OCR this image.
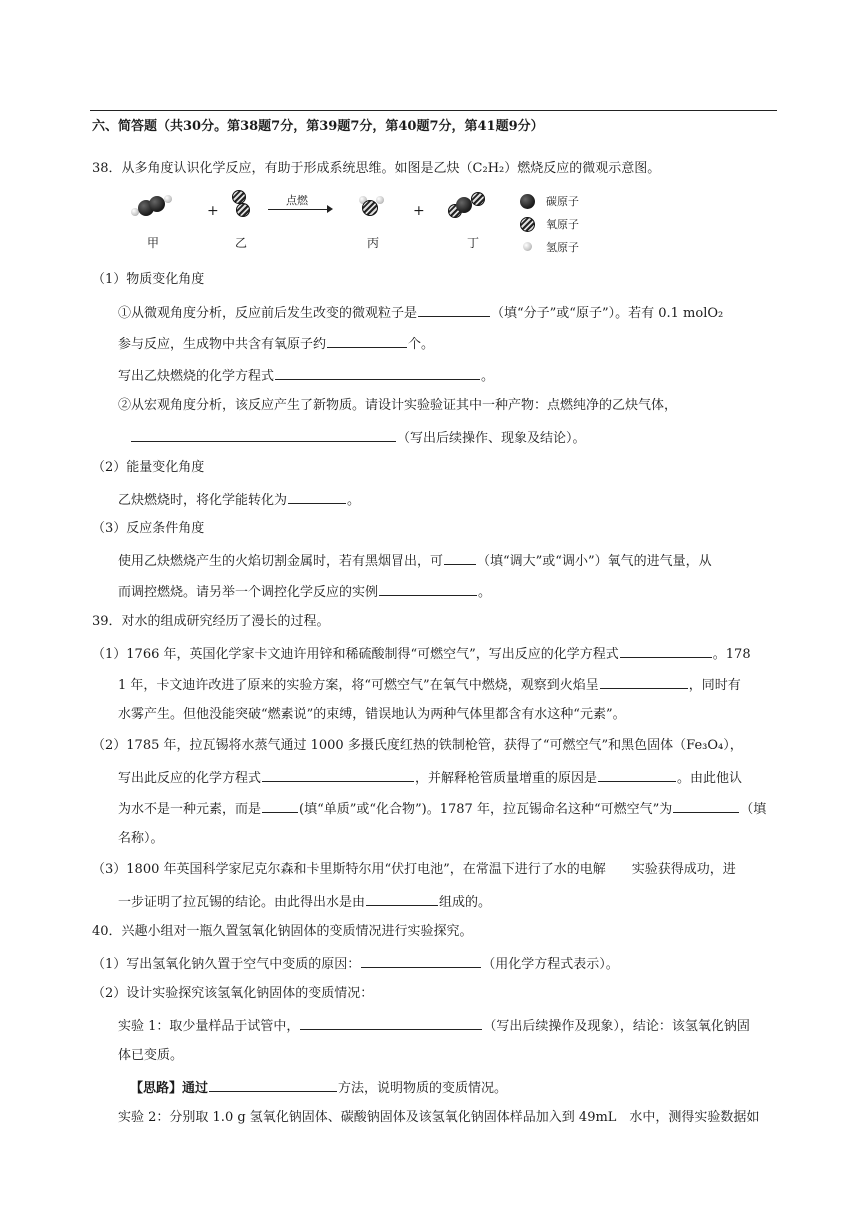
六、简答题（共30分。第38题7分，第39题7分，第40题7分，第41题9分）
38．从多角度认识化学反应，有助于形成系统思维。如图是乙炔（C₂H₂）燃烧反应的微观示意图。
甲
+
乙
点燃
丙
+
丁
碳原子
氧原子
氢原子
（1）物质变化角度
①从微观角度分析，反应前后发生改变的微观粒子是	（填“分子”或“原子”）。若有 0.1 molO₂
参与反应，生成物中共含有氧原子约	个。
写出乙炔燃烧的化学方程式	。
②从宏观角度分析，该反应产生了新物质。请设计实验验证其中一种产物：点燃纯净的乙炔气体，
（写出后续操作、现象及结论）。
（2）能量变化角度
乙炔燃烧时，将化学能转化为	。
（3）反应条件角度
使用乙炔燃烧产生的火焰切割金属时，若有黑烟冒出，可	（填“调大”或“调小”）氧气的进气量，从
而调控燃烧。请另举一个调控化学反应的实例	。
39．对水的组成研究经历了漫长的过程。
（1）1766 年，英国化学家卡文迪许用锌和稀硫酸制得“可燃空气”，写出反应的化学方程式	。178
1 年，卡文迪许改进了原来的实验方案，将“可燃空气”在氧气中燃烧，观察到火焰呈	，同时有
水雾产生。但他没能突破“燃素说”的束缚，错误地认为两种气体里都含有水这种“元素”。
（2）1785 年，拉瓦锡将水蒸气通过 1000 多摄氏度红热的铁制枪管，获得了“可燃空气”和黑色固体（Fe₃O₄），
写出此反应的化学方程式	，并解释枪管质量增重的原因是	。由此他认
为水不是一种元素，而是	(填“单质”或“化合物”)。1787 年，拉瓦锡命名这种“可燃空气”为	（填
名称）。
（3）1800 年英国科学家尼克尔森和卡里斯特尔用“伏打电池”，在常温下进行了水的电解　　实验获得成功，进
一步证明了拉瓦锡的结论。由此得出水是由	组成的。
40．兴趣小组对一瓶久置氢氧化钠固体的变质情况进行实验探究。
（1）写出氢氧化钠久置于空气中变质的原因：	（用化学方程式表示）。
（2）设计实验探究该氢氧化钠固体的变质情况：
实验 1：取少量样品于试管中，	（写出后续操作及现象），结论：该氢氧化钠固
体已变质。
【思路】通过	方法，说明物质的变质情况。
实验 2：分别取 1.0 g 氢氧化钠固体、碳酸钠固体及该氢氧化钠固体样品加入到 49mL　水中，测得实验数据如
